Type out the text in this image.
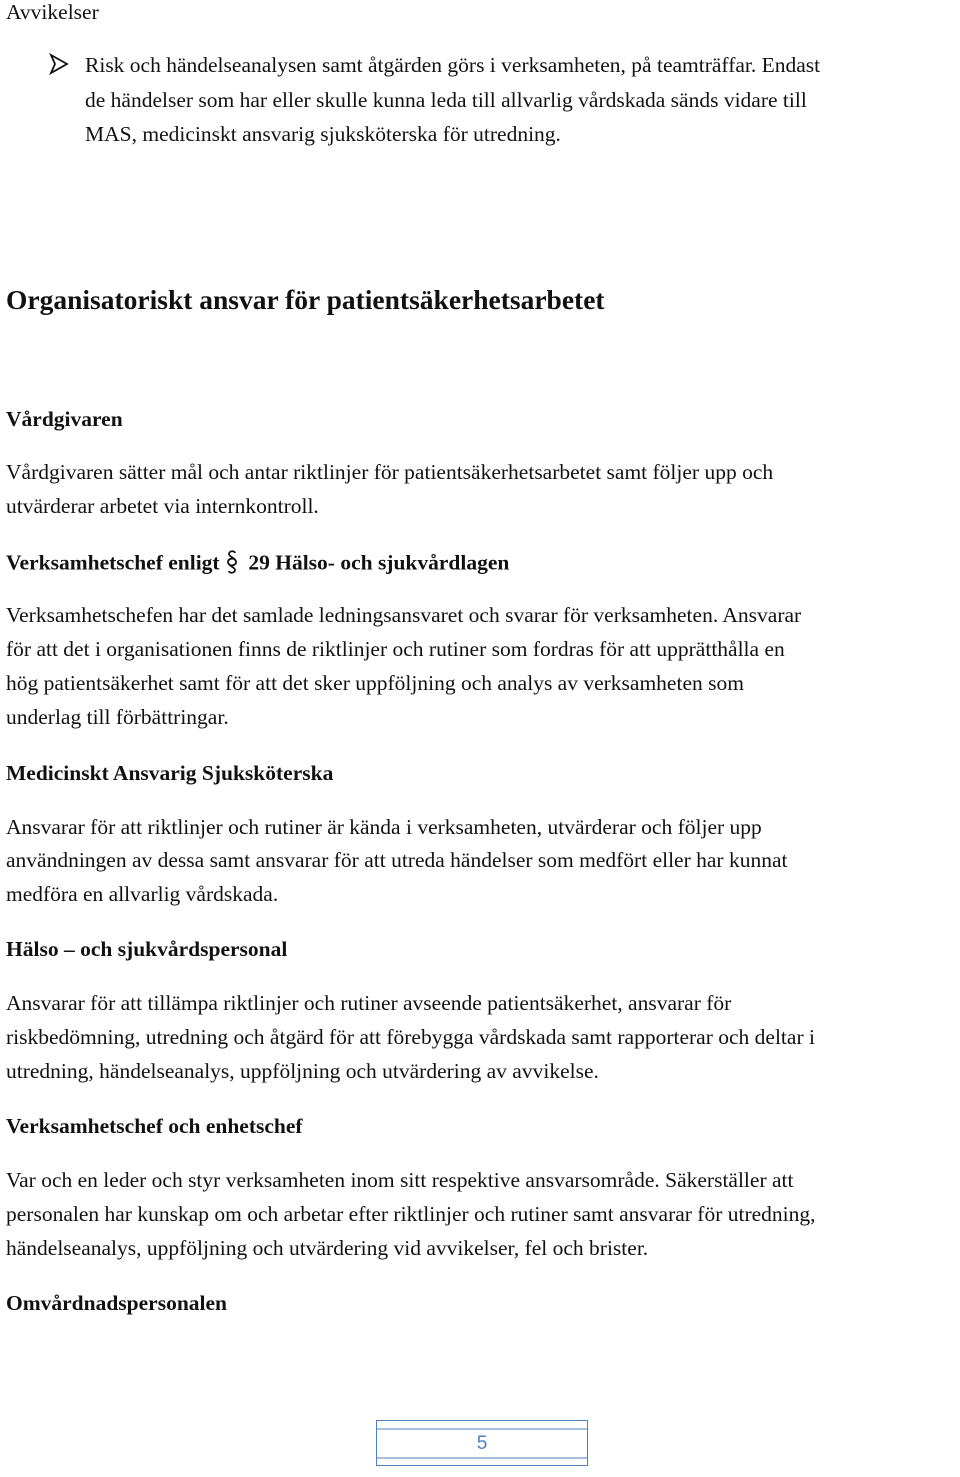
Avvikelser
Risk och händelseanalysen samt åtgärden görs i verksamheten, på teamträffar. Endast
de händelser som har eller skulle kunna leda till allvarlig vårdskada sänds vidare till
MAS, medicinskt ansvarig sjuksköterska för utredning.
Organisatoriskt ansvar för patientsäkerhetsarbetet
Vårdgivaren
Vårdgivaren sätter mål och antar riktlinjer för patientsäkerhetsarbetet samt följer upp och
utvärderar arbetet via internkontroll.
Verksamhetschef enligt 29 Hälso- och sjukvårdlagen
Verksamhetschefen har det samlade ledningsansvaret och svarar för verksamheten. Ansvarar
för att det i organisationen finns de riktlinjer och rutiner som fordras för att upprätthålla en
hög patientsäkerhet samt för att det sker uppföljning och analys av verksamheten som
underlag till förbättringar.
Medicinskt Ansvarig Sjuksköterska
Ansvarar för att riktlinjer och rutiner är kända i verksamheten, utvärderar och följer upp
användningen av dessa samt ansvarar för att utreda händelser som medfört eller har kunnat
medföra en allvarlig vårdskada.
Hälso – och sjukvårdspersonal
Ansvarar för att tillämpa riktlinjer och rutiner avseende patientsäkerhet, ansvarar för
riskbedömning, utredning och åtgärd för att förebygga vårdskada samt rapporterar och deltar i
utredning, händelseanalys, uppföljning och utvärdering av avvikelse.
Verksamhetschef och enhetschef
Var och en leder och styr verksamheten inom sitt respektive ansvarsområde. Säkerställer att
personalen har kunskap om och arbetar efter riktlinjer och rutiner samt ansvarar för utredning,
händelseanalys, uppföljning och utvärdering vid avvikelser, fel och brister.
Omvårdnadspersonalen
5
